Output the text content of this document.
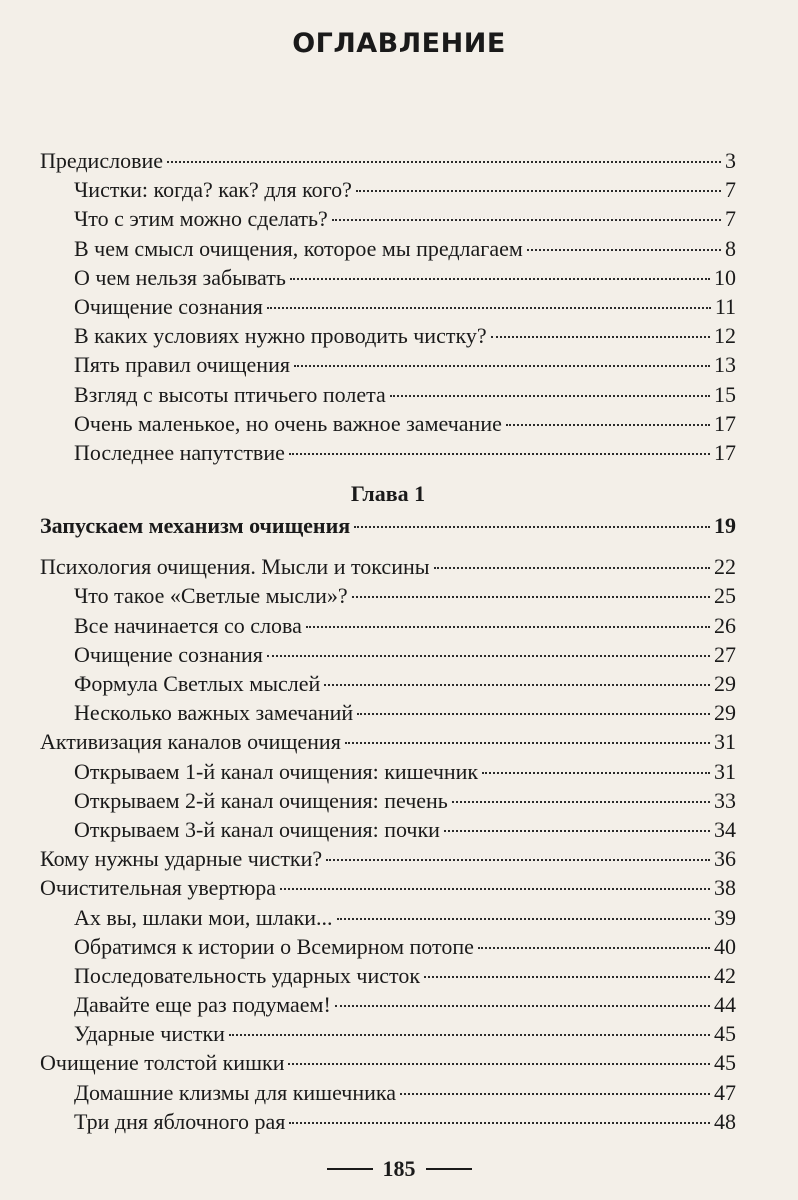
ОГЛАВЛЕНИЕ
Предисловие	3
Чистки: когда? как? для кого?	7
Что с этим можно сделать?	7
В чем смысл очищения, которое мы предлагаем	8
О чем нельзя забывать	10
Очищение сознания	11
В каких условиях нужно проводить чистку?	12
Пять правил очищения	13
Взгляд с высоты птичьего полета	15
Очень маленькое, но очень важное замечание	17
Последнее напутствие	17
Глава 1
Запускаем механизм очищения	19
Психология очищения. Мысли и токсины	22
Что такое «Светлые мысли»?	25
Все начинается со слова	26
Очищение сознания	27
Формула Светлых мыслей	29
Несколько важных замечаний	29
Активизация каналов очищения	31
Открываем 1-й канал очищения: кишечник	31
Открываем 2-й канал очищения: печень	33
Открываем 3-й канал очищения: почки	34
Кому нужны ударные чистки?	36
Очистительная увертюра	38
Ах вы, шлаки мои, шлаки...	39
Обратимся к истории о Всемирном потопе	40
Последовательность ударных чисток	42
Давайте еще раз подумаем!	44
Ударные чистки	45
Очищение толстой кишки	45
Домашние клизмы для кишечника	47
Три дня яблочного рая	48
185
